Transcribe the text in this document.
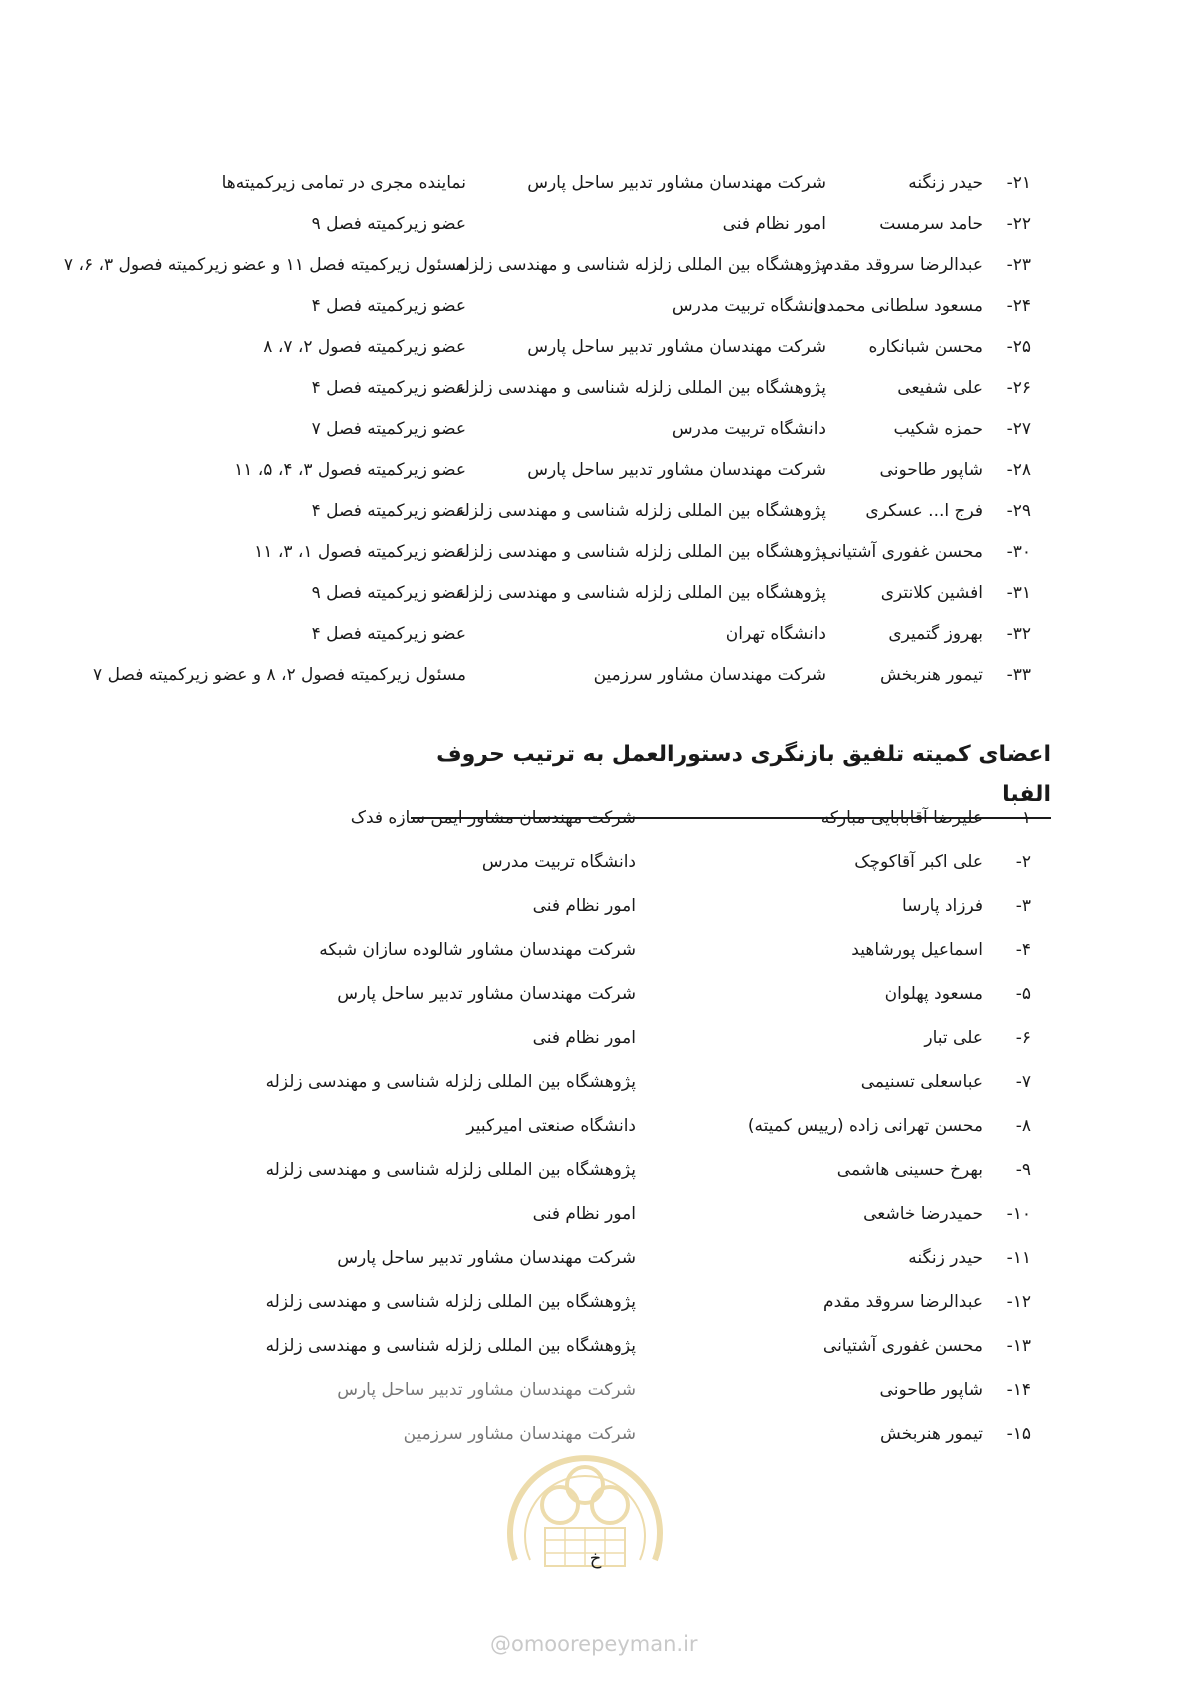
۲۱-
حیدر زنگنه
شرکت مهندسان مشاور تدبیر ساحل پارس
نماینده مجری در تمامی زیرکمیته‌ها
۲۲-
حامد سرمست
امور نظام فنی
عضو زیرکمیته فصل ۹
۲۳-
عبدالرضا سروقد مقدم
پژوهشگاه بین المللی زلزله شناسی و مهندسی زلزله
مسئول زیرکمیته فصل ۱۱ و عضو زیرکمیته فصول ۳، ۶، ۷
۲۴-
مسعود سلطانی محمدی
دانشگاه تربیت مدرس
عضو زیرکمیته فصل ۴
۲۵-
محسن شبانکاره
شرکت مهندسان مشاور تدبیر ساحل پارس
عضو زیرکمیته فصول ۲، ۷، ۸
۲۶-
علی شفیعی
پژوهشگاه بین المللی زلزله شناسی و مهندسی زلزله
عضو زیرکمیته فصل ۴
۲۷-
حمزه شکیب
دانشگاه تربیت مدرس
عضو زیرکمیته فصل ۷
۲۸-
شاپور طاحونی
شرکت مهندسان مشاور تدبیر ساحل پارس
عضو زیرکمیته فصول ۳، ۴، ۵، ۱۱
۲۹-
فرج ا... عسکری
پژوهشگاه بین المللی زلزله شناسی و مهندسی زلزله
عضو زیرکمیته فصل ۴
۳۰-
محسن غفوری آشتیانی
پژوهشگاه بین المللی زلزله شناسی و مهندسی زلزله
عضو زیرکمیته فصول ۱، ۳، ۱۱
۳۱-
افشین کلانتری
پژوهشگاه بین المللی زلزله شناسی و مهندسی زلزله
عضو زیرکمیته فصل ۹
۳۲-
بهروز گتمیری
دانشگاه تهران
عضو زیرکمیته فصل ۴
۳۳-
تیمور هنربخش
شرکت مهندسان مشاور سرزمین
مسئول زیرکمیته فصول ۲، ۸ و عضو زیرکمیته فصل ۷
اعضای کمیته تلفیق بازنگری دستورالعمل به ترتیب حروف الفبا
۱-
علیرضا آقابابایی مبارکه
شرکت مهندسان مشاور ایمن سازه فدک
۲-
علی اکبر آقاکوچک
دانشگاه تربیت مدرس
۳-
فرزاد پارسا
امور نظام فنی
۴-
اسماعیل پورشاهید
شرکت مهندسان مشاور شالوده سازان شبکه
۵-
مسعود پهلوان
شرکت مهندسان مشاور تدبیر ساحل پارس
۶-
علی تبار
امور نظام فنی
۷-
عباسعلی تسنیمی
پژوهشگاه بین المللی زلزله شناسی و مهندسی زلزله
۸-
محسن تهرانی زاده (رییس کمیته)
دانشگاه صنعتی امیرکبیر
۹-
بهرخ حسینی هاشمی
پژوهشگاه بین المللی زلزله شناسی و مهندسی زلزله
۱۰-
حمیدرضا خاشعی
امور نظام فنی
۱۱-
حیدر زنگنه
شرکت مهندسان مشاور تدبیر ساحل پارس
۱۲-
عبدالرضا سروقد مقدم
پژوهشگاه بین المللی زلزله شناسی و مهندسی زلزله
۱۳-
محسن غفوری آشتیانی
پژوهشگاه بین المللی زلزله شناسی و مهندسی زلزله
۱۴-
شاپور طاحونی
شرکت مهندسان مشاور تدبیر ساحل پارس
۱۵-
تیمور هنربخش
شرکت مهندسان مشاور سرزمین
خ
@omoorepeyman.ir
